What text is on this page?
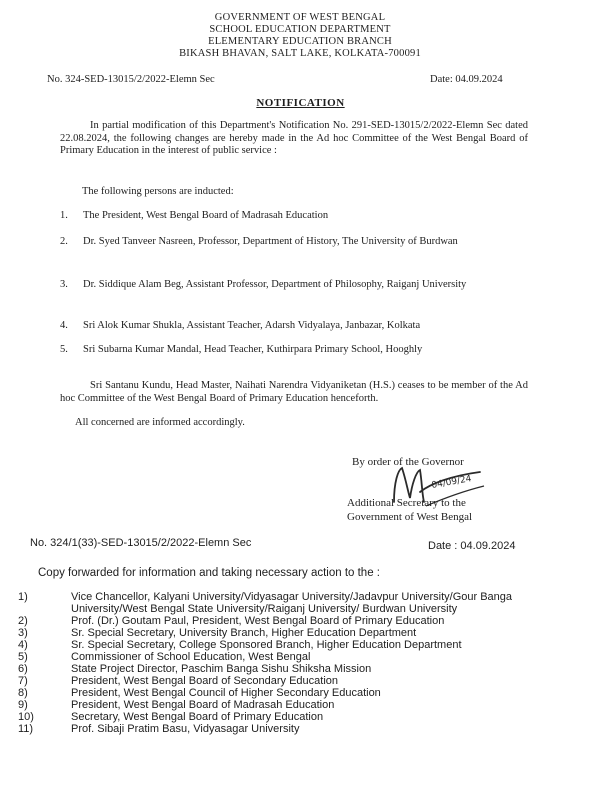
GOVERNMENT OF WEST BENGAL
SCHOOL EDUCATION DEPARTMENT
ELEMENTARY EDUCATION BRANCH
BIKASH BHAVAN, SALT LAKE, KOLKATA-700091
No. 324-SED-13015/2/2022-Elemn Sec	Date: 04.09.2024
NOTIFICATION
In partial modification of this Department's Notification No. 291-SED-13015/2/2022-Elemn Sec dated 22.08.2024, the following changes are hereby made in the Ad hoc Committee of the West Bengal Board of Primary Education in the interest of public service :
The following persons are inducted:
1. The President, West Bengal Board of Madrasah Education
2. Dr. Syed Tanveer Nasreen, Professor, Department of History, The University of Burdwan
3. Dr. Siddique Alam Beg, Assistant Professor, Department of Philosophy, Raiganj University
4. Sri Alok Kumar Shukla, Assistant Teacher, Adarsh Vidyalaya, Janbazar, Kolkata
5. Sri Subarna Kumar Mandal, Head Teacher, Kuthirpara Primary School, Hooghly
Sri Santanu Kundu, Head Master, Naihati Narendra Vidyaniketan (H.S.) ceases to be member of the Ad hoc Committee of the West Bengal Board of Primary Education henceforth.
All concerned are informed accordingly.
By order of the Governor
04/09/24
Additional Secretary to the
Government of West Bengal
No. 324/1(33)-SED-13015/2/2022-Elemn Sec	Date : 04.09.2024
Copy forwarded for information and taking necessary action to the :
1)	Vice Chancellor, Kalyani University/Vidyasagar University/Jadavpur University/Gour Banga University/West Bengal State University/Raiganj University/ Burdwan University
2)	Prof. (Dr.) Goutam Paul, President, West Bengal Board of Primary Education
3)	Sr. Special Secretary, University Branch, Higher Education Department
4)	Sr. Special Secretary, College Sponsored Branch, Higher Education Department
5)	Commissioner of School Education, West Bengal
6)	State Project Director, Paschim Banga Sishu Shiksha Mission
7)	President, West Bengal Board of Secondary Education
8)	President, West Bengal Council of Higher Secondary Education
9)	President, West Bengal Board of Madrasah Education
10)	Secretary, West Bengal Board of Primary Education
11)	Prof. Sibaji Pratim Basu, Vidyasagar University
